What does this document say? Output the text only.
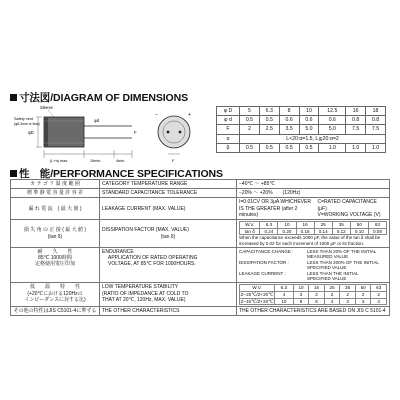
寸法図/DIAGRAM OF DIMENSIONS
Sleeve
Safety vent
(φ6.3mm or less)
φd
φD
(L+α) max.	15min.	4min.
F
−	+
F
φ D	5	6.3	8	10	12.5	16	18
φ d	0.5	0.5	0.6	0.6	0.6	0.8	0.8
F	2	2.5	3.5	5.0	5.0	7.5	7.5
α	L<20:α=1.5, L≧20:α=2						
β	0.5	0.5	0.5	0.5	1.0	1.0	1.0
性　能/PERFORMANCE SPECIFICATIONS
カ テ ゴ リ 温 度 範 囲	CATEGORY TEMPERATURE RANGE	−40℃ 〜 +85℃
標 準 静 電 容 量 許 容 差	STANDARD CAPACITANCE TOLERANCE	−20% 〜 +20%　　(120Hz)
漏 れ 電 流　( 最 大 値 )	LEAKAGE CURRENT (MAX. VALUE)	
I=0.01CV OR 3μA WHICHEVER
IS THE GREATER (after 2 minutes)
C=RATED CAPACITANCE (μF)
V=WORKING VOLTAGE (V)

損 失 角 の 正 接 ( 最 大 値 )
(tan δ)

DISSIPATION FACTOR (MAX. VALUE)
(tan δ)

W.V.	6.3	10	16	25	35	50	63
tan δ	0.24	0.20	0.16	0.14	0.12	0.10	0.08
When the capacitance exceeds 1000 μF, the value of the tan δ shall be
increased by 0.02 for each increment of 1000 μF or its fraction.

耐　　久　　性
85℃ 1000時間
定格使用電圧印加

ENDURANCE
APPLICATION OF RATED OPERATING
VOLTAGE, AT 85℃ FOR 1000HOURS.

CAPACITANCE CHANGE :	LESS THAN 20% OF THE INITIAL
MEASURED VALUE
DISSIPATION FACTOR :	LESS THAN 200% OF THE INITIAL
SPECIFIED VALUE
LEAKAGE CURRENT :	LESS THAN THE INITIAL
SPECIFIED VALUE

低　　温　　特　　性
(+20℃における120Hzの
インピーダンスに対する比)

LOW TEMPERATURE STABILITY
(RATIO OF IMPEDANCE AT COLD TO
THAT AT 20℃, 120Hz, MAX. VALUE)

W.V.	6.3	10	16	25	35	50	63
Z−25℃/Z+20℃	4	3	2	2	2	2	2
Z−40℃/Z+20℃	10	8	6	4	3	3	3

その他の特性はJIS C5101-4に準ずる	THE OTHER CHARACTERISTICS	THE OTHER CHARACTERISTICS ARE BASED ON JIS C 5101-4
